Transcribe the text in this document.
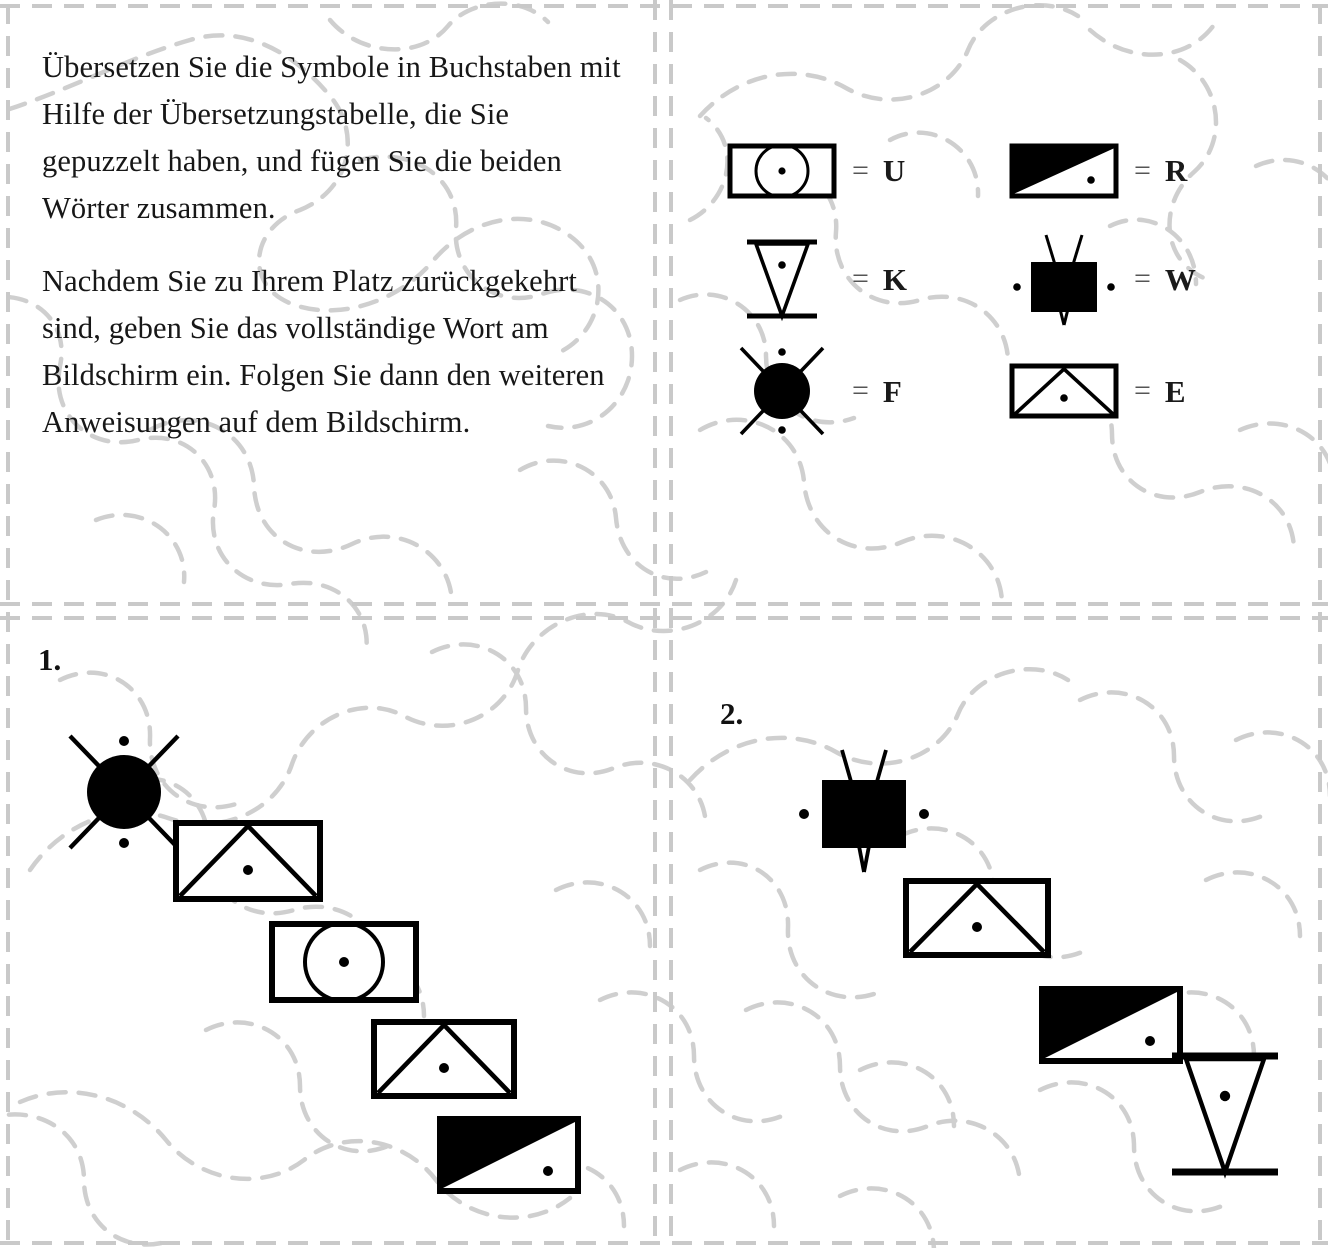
Übersetzen Sie die Symbole in Buchstaben mit Hilfe der Übersetzungstabelle, die Sie gepuzzelt haben, und fügen Sie die beiden Wörter zusammen.

Nachdem Sie zu Ihrem Platz zurückgekehrt sind, geben Sie das vollständige Wort am Bildschirm ein. Folgen Sie dann den weiteren Anweisungen auf dem Bildschirm.

= U	= R
= K	= W
= F	= E
1.
2.
